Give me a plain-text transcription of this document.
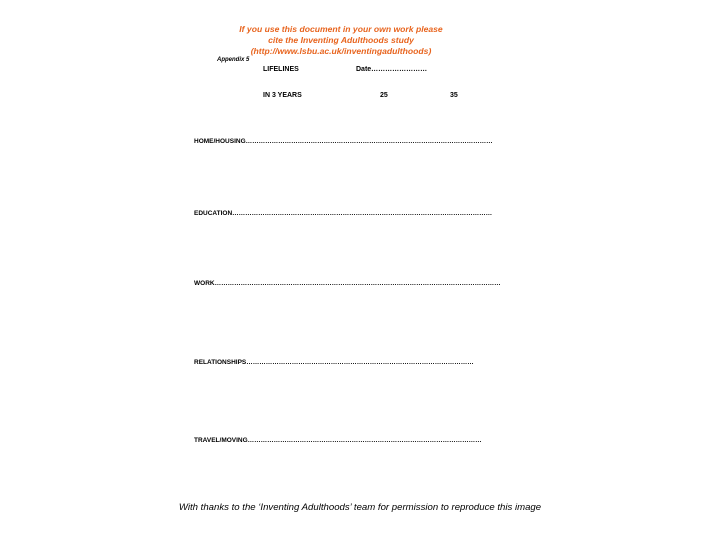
If you use this document in your own work please
cite the Inventing Adulthoods study
(http://www.lsbu.ac.uk/inventingadulthoods)
Appendix 5
LIFELINES	Date……………………
IN 3 YEARS	25	35
HOME/HOUSING……………………………………………………………………………………………………
EDUCATION…………………………………………………………………………………………………………
WORK……………………………………………………………………………………………………………………
RELATIONSHIPS……………………………………………………………………………………………
TRAVEL/MOVING………………………………………………………………………………………………
With thanks to the ‘Inventing Adulthoods’ team for permission to reproduce this image
